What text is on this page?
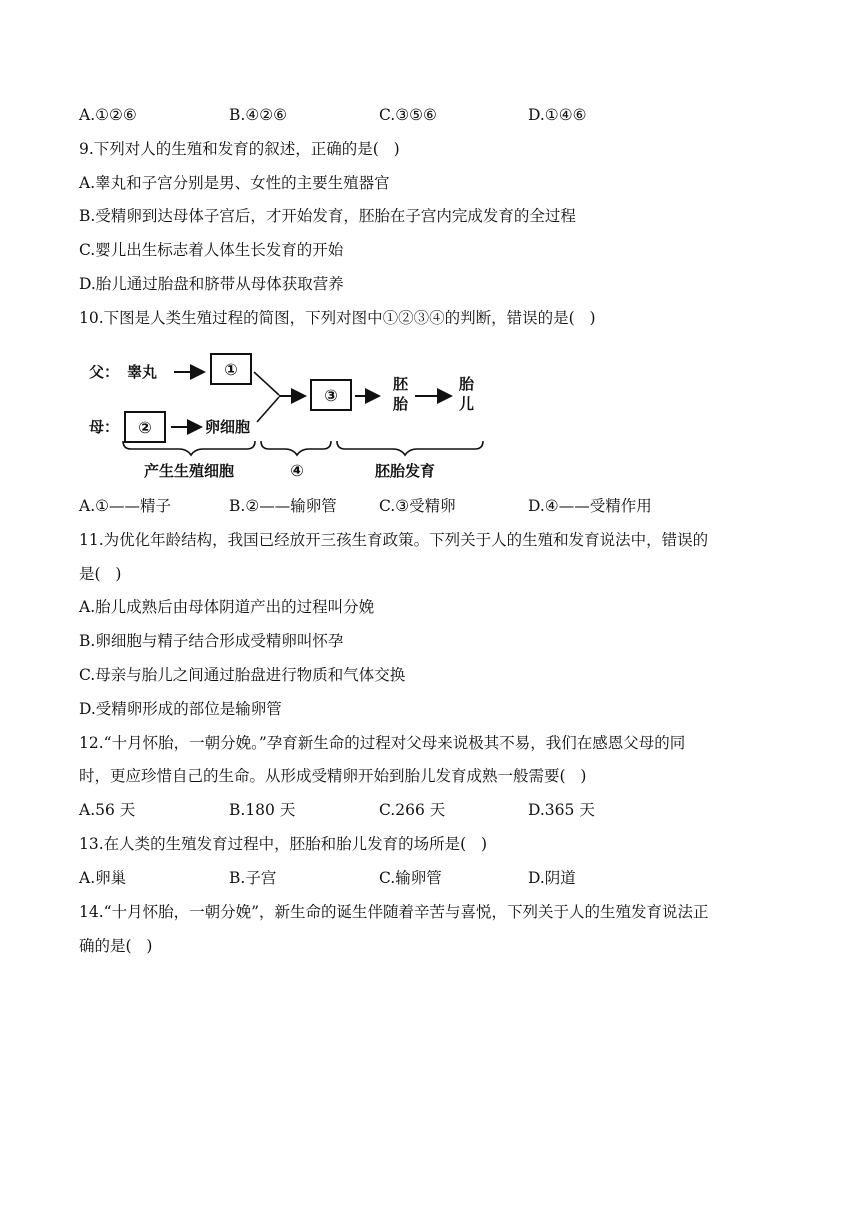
A.①②⑥	B.④②⑥	C.③⑤⑥	D.①④⑥
9.下列对人的生殖和发育的叙述，正确的是(   )
A.睾丸和子宫分别是男、女性的主要生殖器官
B.受精卵到达母体子宫后，才开始发育，胚胎在子宫内完成发育的全过程
C.婴儿出生标志着人体生长发育的开始
D.胎儿通过胎盘和脐带从母体获取营养
10.下图是人类生殖过程的简图，下列对图中①②③④的判断，错误的是(   )
父： 睾丸	①
母： ②	卵细胞
③
胚
胎
胎
儿
产生生殖细胞	④	胚胎发育
A.①——精子	B.②——输卵管	C.③受精卵	D.④——受精作用
11.为优化年龄结构，我国已经放开三孩生育政策。下列关于人的生殖和发育说法中，错误的
是(   )
A.胎儿成熟后由母体阴道产出的过程叫分娩
B.卵细胞与精子结合形成受精卵叫怀孕
C.母亲与胎儿之间通过胎盘进行物质和气体交换
D.受精卵形成的部位是输卵管
12.“十月怀胎，一朝分娩。”孕育新生命的过程对父母来说极其不易，我们在感恩父母的同
时，更应珍惜自己的生命。从形成受精卵开始到胎儿发育成熟一般需要(   )
A.56 天	B.180 天	C.266 天	D.365 天
13.在人类的生殖发育过程中，胚胎和胎儿发育的场所是(   )
A.卵巢	B.子宫	C.输卵管	D.阴道
14.“十月怀胎，一朝分娩”，新生命的诞生伴随着辛苦与喜悦，下列关于人的生殖发育说法正
确的是(   )
